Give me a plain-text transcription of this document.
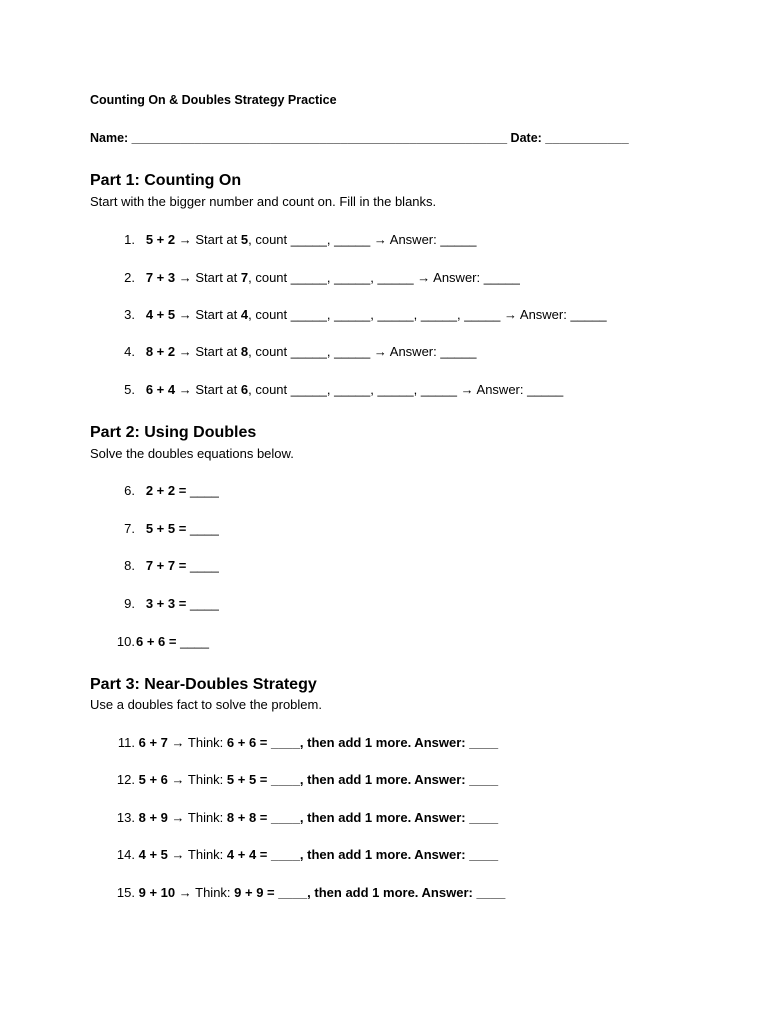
Counting On & Doubles Strategy Practice
Name: ______________________________________________________ Date: ____________
Part 1: Counting On
Start with the bigger number and count on. Fill in the blanks.
1. 5 + 2 → Start at 5, count _____, _____ → Answer: _____
2. 7 + 3 → Start at 7, count _____, _____, _____ → Answer: _____
3. 4 + 5 → Start at 4, count _____, _____, _____, _____, _____ → Answer: _____
4. 8 + 2 → Start at 8, count _____, _____ → Answer: _____
5. 6 + 4 → Start at 6, count _____, _____, _____, _____ → Answer: _____
Part 2: Using Doubles
Solve the doubles equations below.
6. 2 + 2 = ____
7. 5 + 5 = ____
8. 7 + 7 = ____
9. 3 + 3 = ____
10.6 + 6 = ____
Part 3: Near-Doubles Strategy
Use a doubles fact to solve the problem.
11. 6 + 7 → Think: 6 + 6 = ____, then add 1 more. Answer: ____
12. 5 + 6 → Think: 5 + 5 = ____, then add 1 more. Answer: ____
13. 8 + 9 → Think: 8 + 8 = ____, then add 1 more. Answer: ____
14. 4 + 5 → Think: 4 + 4 = ____, then add 1 more. Answer: ____
15. 9 + 10 → Think: 9 + 9 = ____, then add 1 more. Answer: ____
